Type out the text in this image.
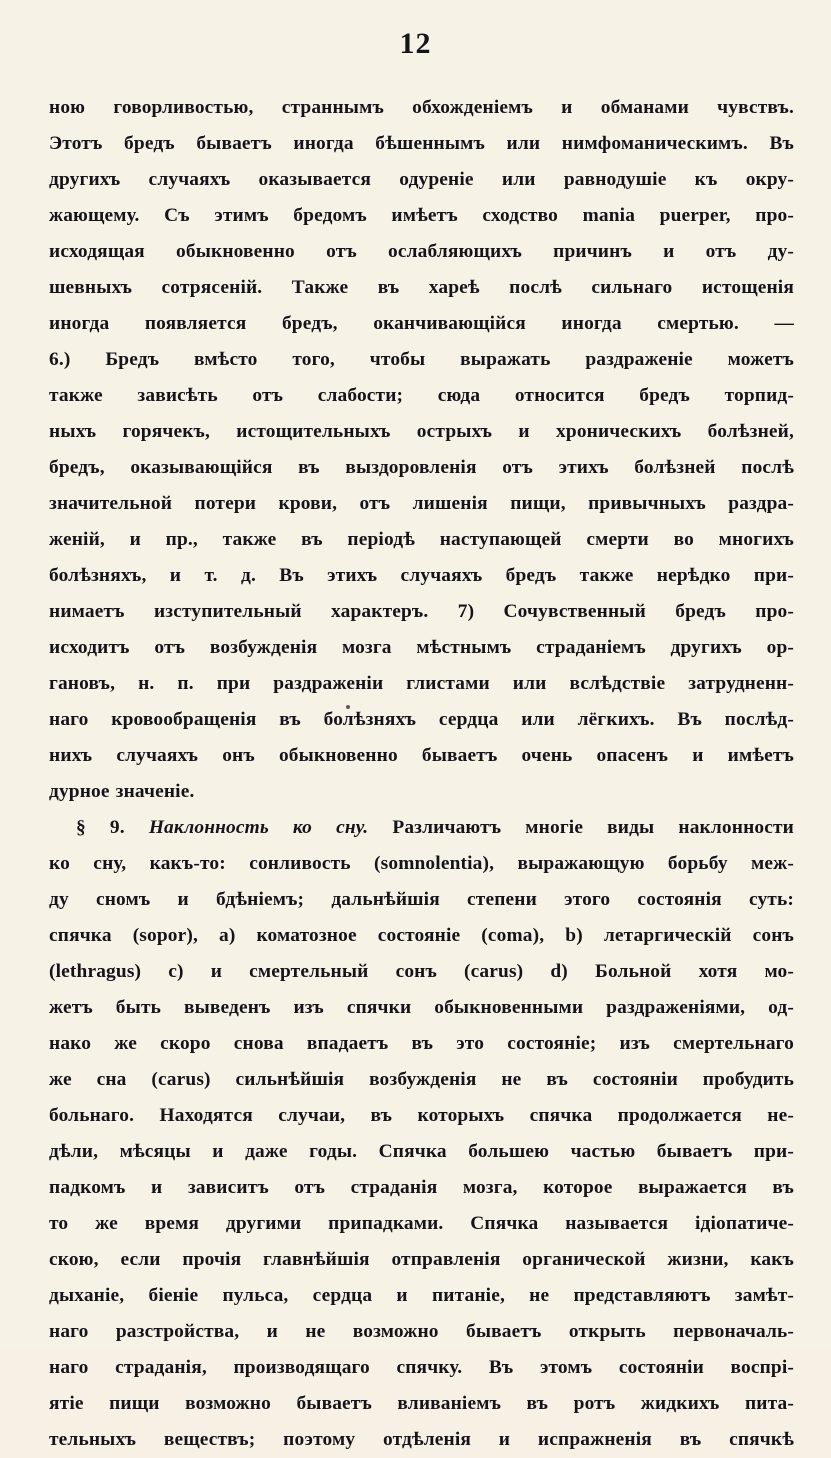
12
ною говорливостью, страннымъ обхожденіемъ и обманами чувствъ.
Этотъ бредъ бываетъ иногда бѣшеннымъ или нимфоманическимъ. Въ
другихъ случаяхъ оказывается одуреніе или равнодушіе къ окру-
жающему. Съ этимъ бредомъ имѣетъ сходство mania puerper, про-
исходящая обыкновенно отъ ослабляющихъ причинъ и отъ ду-
шевныхъ сотрясеній. Также въ хареѣ послѣ сильнаго истощенія
иногда появляется бредъ, оканчивающійся иногда смертью. —
6.) Бредъ вмѣсто того, чтобы выражать раздраженіе можетъ
также зависѣть отъ слабости; сюда относится бредъ торпид-
ныхъ горячекъ, истощительныхъ острыхъ и хроническихъ болѣзней,
бредъ, оказывающійся въ выздоровленія отъ этихъ болѣзней послѣ
значительной потери крови, отъ лишенія пищи, привычныхъ раздра-
женій, и пр., также въ періодѣ наступающей смерти во многихъ
болѣзняхъ, и т. д. Въ этихъ случаяхъ бредъ также нерѣдко при-
нимаетъ изступительный характеръ. 7) Сочувственный бредъ про-
исходитъ отъ возбужденія мозга мѣстнымъ страданіемъ другихъ ор-
гановъ, н. п. при раздраженіи глистами или вслѣдствіе затрудненн-
наго кровообращенія въ болѣзняхъ сердца или лёгкихъ. Въ послѣд-
нихъ случаяхъ онъ обыкновенно бываетъ очень опасенъ и имѣетъ
дурное значеніе.
§ 9. Наклонность ко сну. Различаютъ многіе виды наклонности
ко сну, какъ-то: сонливость (somnolentia), выражающую борьбу меж-
ду сномъ и бдѣніемъ; дальнѣйшія степени этого состоянія суть:
спячка (sopor), a) коматозное состояніе (coma), b) летаргическій сонъ
(lethragus) c) и смертельный сонъ (carus) d) Больной хотя мо-
жетъ быть выведенъ изъ спячки обыкновенными раздраженіями, од-
нако же скоро снова впадаетъ въ это состояніе; изъ смертельнаго
же сна (carus) сильнѣйшія возбужденія не въ состояніи пробудить
больнаго. Находятся случаи, въ которыхъ спячка продолжается не-
дѣли, мѣсяцы и даже годы. Спячка большею частью бываетъ при-
падкомъ и зависитъ отъ страданія мозга, которое выражается въ
то же время другими припадками. Спячка называется ідіопатиче-
скою, если прочія главнѣйшія отправленія органической жизни, какъ
дыханіе, біеніе пульса, сердца и питаніе, не представляютъ замѣт-
наго разстройства, и не возможно бываетъ открыть первоначаль-
наго страданія, производящаго спячку. Въ этомъ состояніи воспрі-
ятіе пищи возможно бываетъ вливаніемъ въ ротъ жидкихъ пита-
тельныхъ веществъ; поэтому отдѣленія и испражненія въ спячкѣ
